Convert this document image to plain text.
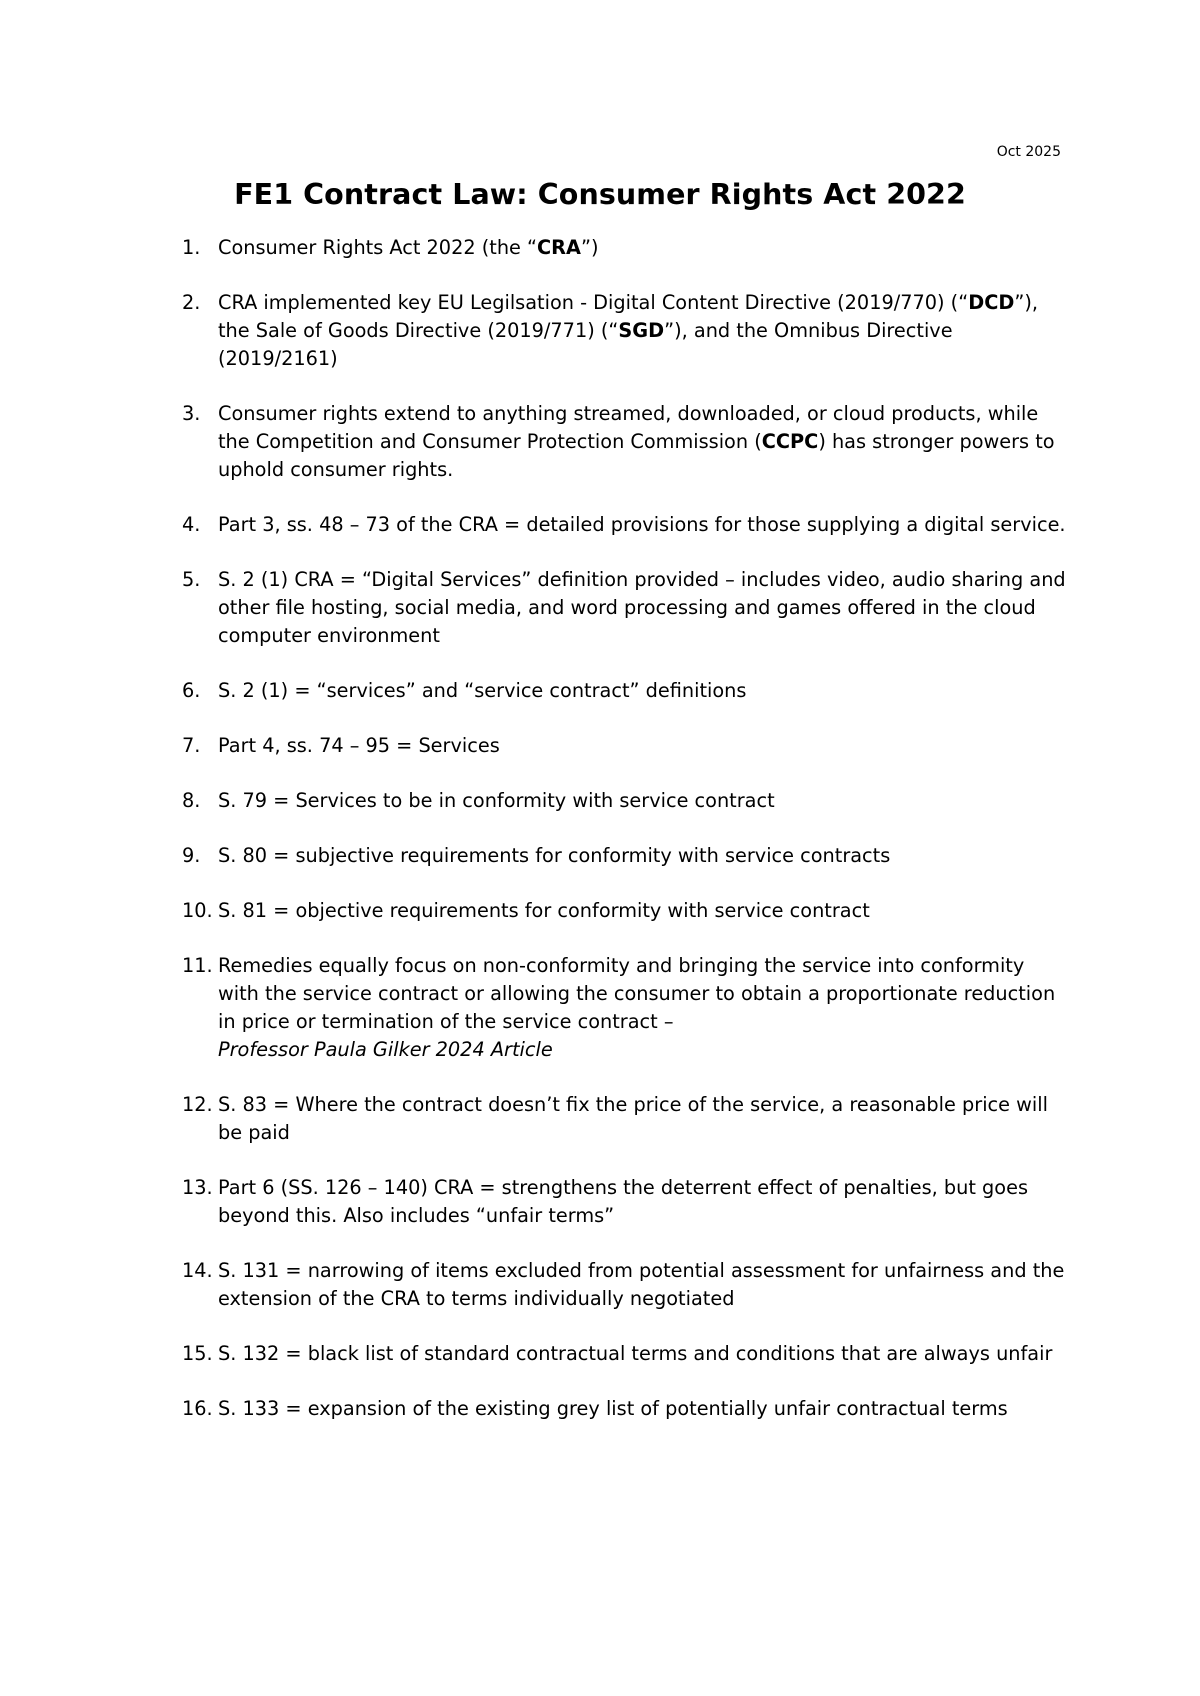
Oct 2025
FE1 Contract Law: Consumer Rights Act 2022
1. Consumer Rights Act 2022 (the “CRA”)
2. CRA implemented key EU Legilsation - Digital Content Directive (2019/770) (“DCD”), the Sale of Goods Directive (2019/771) (“SGD”), and the Omnibus Directive (2019/2161)
3. Consumer rights extend to anything streamed, downloaded, or cloud products, while the Competition and Consumer Protection Commission (CCPC) has stronger powers to uphold consumer rights.
4. Part 3, ss. 48 – 73 of the CRA = detailed provisions for those supplying a digital service.
5. S. 2 (1) CRA = “Digital Services” definition provided – includes video, audio sharing and other file hosting, social media, and word processing and games offered in the cloud computer environment
6. S. 2 (1) = “services” and “service contract” definitions
7. Part 4, ss. 74 – 95 = Services
8. S. 79 = Services to be in conformity with service contract
9. S. 80 = subjective requirements for conformity with service contracts
10. S. 81 = objective requirements for conformity with service contract
11. Remedies equally focus on non-conformity and bringing the service into conformity with the service contract or allowing the consumer to obtain a proportionate reduction in price or termination of the service contract –
Professor Paula Gilker 2024 Article
12. S. 83 = Where the contract doesn’t fix the price of the service, a reasonable price will be paid
13. Part 6 (SS. 126 – 140) CRA = strengthens the deterrent effect of penalties, but goes beyond this. Also includes “unfair terms”
14. S. 131 = narrowing of items excluded from potential assessment for unfairness and the extension of the CRA to terms individually negotiated
15. S. 132 = black list of standard contractual terms and conditions that are always unfair
16. S. 133 = expansion of the existing grey list of potentially unfair contractual terms
